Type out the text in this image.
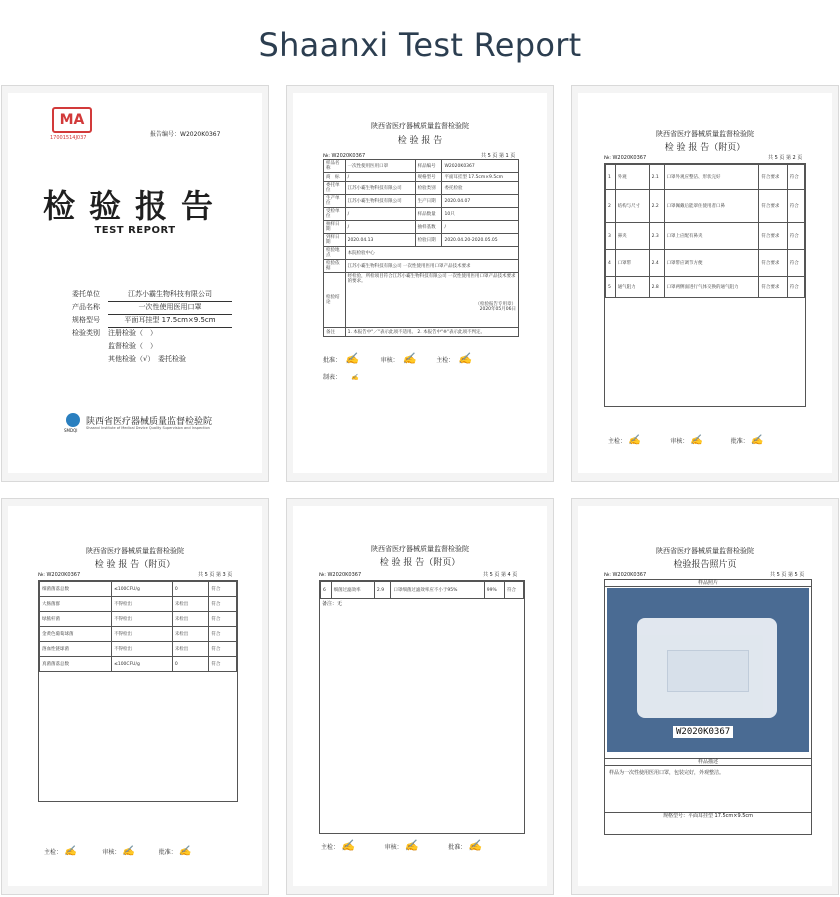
Shaanxi Test Report
MA
17001514J037	报告编号：W2020K0367
检验报告
TEST REPORT
委托单位	江苏小霸生物科技有限公司
产品名称	一次性使用医用口罩
规格型号	平面耳挂型 17.5cm×9.5cm
检验类别	注册检验（　）
监督检验（　）
其他检验（√）　委托检验
SMDQI
陕西省医疗器械质量监督检验院
Shaanxi Institute of Medical Device Quality Supervision and Inspection
陕西省医疗器械质量监督检验院
检 验 报 告
№: W2020K0367	共 5 页 第 1 页
样品名称	一次性使用医用口罩	样品编号	W2020K0367
商　标	/	规格型号	平面耳挂型 17.5cm×9.5cm
委托单位	江苏小霸生物科技有限公司	检验类别	委托检验
生产单位	江苏小霸生物科技有限公司	生产日期	2020.04.07
受检单位	/	样品数量	10只
抽样日期	/	抽样基数	/
到样日期	2020.04.13	检验日期	2020.04.20-2020.05.05
检验地点	本院检验中心		
检验依据	江苏小霸生物科技有限公司 一次性使用医用口罩产品技术要求		
检验结论	经检验，所检项目符合江苏小霸生物科技有限公司 一次性使用医用口罩产品技术要求的要求。
（检验报告专用章）
2020年05月06日		

备注	1. 本报告中"／"表示此项不适用。 2. 本报告中"※"表示此项不判定。		
批准： ✍	审核： ✍	主检： ✍
制表： ✍
陕西省医疗器械质量监督检验院
检 验 报 告（附页）
№: W2020K0367	共 5 页 第 2 页
1	外观	2.1	口罩外观应整洁、形状完好	符合要求	符合
2	结构与尺寸	2.2	口罩佩戴后能罩住使用者口鼻	符合要求	符合
3	鼻夹	2.3	口罩上应配有鼻夹	符合要求	符合
4	口罩带	2.4	口罩带应调节方便	符合要求	符合
5	通气阻力	2.8	口罩两侧面进行气体交换的通气阻力	符合要求	符合
主检： ✍	审核： ✍	批准： ✍
陕西省医疗器械质量监督检验院
检 验 报 告（附页）
№: W2020K0367	共 5 页 第 3 页
细菌菌落总数	≤100CFU/g	0	符合
大肠菌群	不得检出	未检出	符合
绿脓杆菌	不得检出	未检出	符合
金黄色葡萄球菌	不得检出	未检出	符合
溶血性链球菌	不得检出	未检出	符合
真菌菌落总数	≤100CFU/g	0	符合
主检： ✍	审核： ✍	批准： ✍
陕西省医疗器械质量监督检验院
检 验 报 告（附页）
№: W2020K0367	共 5 页 第 4 页
6	细菌过滤效率	2.9	口罩细菌过滤效率应不小于95%	99%	符合
备注：无
主检： ✍	审核： ✍	批准： ✍
陕西省医疗器械质量监督检验院
检验报告照片页
№: W2020K0367	共 5 页 第 5 页
样品照片
W2020K0367
样品描述
样品为一次性使用医用口罩，包装完好，外观整洁。
规格型号：平面耳挂型 17.5cm×9.5cm
